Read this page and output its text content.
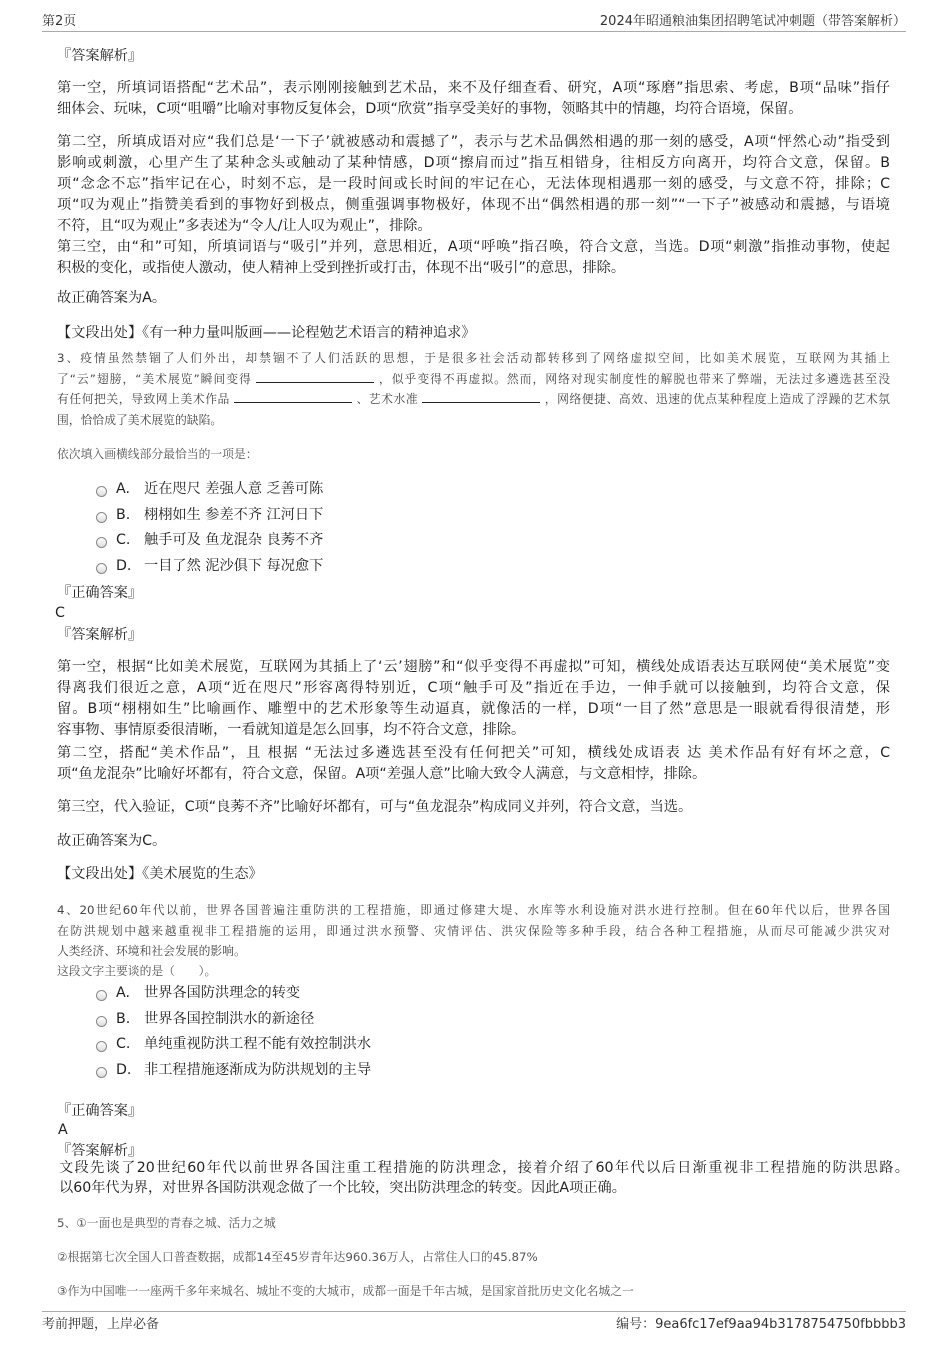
第2页	2024年昭通粮油集团招聘笔试冲刺题（带答案解析）
『答案解析』
第一空，所填词语搭配“艺术品”，表示刚刚接触到艺术品，来不及仔细查看、研究，A项“琢磨”指思索、考虑，B项“品味”指仔
细体会、玩味，C项“咀嚼”比喻对事物反复体会，D项“欣赏”指享受美好的事物，领略其中的情趣，均符合语境，保留。
第二空，所填成语对应“我们总是‘一下子’就被感动和震撼了”，表示与艺术品偶然相遇的那一刻的感受，A项“怦然心动”指受到
影响或刺激，心里产生了某种念头或触动了某种情感，D项“擦肩而过”指互相错身，往相反方向离开，均符合文意，保留。B
项“念念不忘”指牢记在心，时刻不忘，是一段时间或长时间的牢记在心，无法体现相遇那一刻的感受，与文意不符，排除；C
项“叹为观止”指赞美看到的事物好到极点，侧重强调事物极好，体现不出“偶然相遇的那一刻”“一下子”被感动和震撼，与语境
不符，且“叹为观止”多表述为“令人/让人叹为观止”，排除。
第三空，由“和”可知，所填词语与“吸引”并列，意思相近，A项“呼唤”指召唤，符合文意，当选。D项“刺激”指推动事物，使起
积极的变化，或指使人激动，使人精神上受到挫折或打击，体现不出“吸引”的意思，排除。
故正确答案为A。
【文段出处】《有一种力量叫版画——论程勉艺术语言的精神追求》
3、疫情虽然禁锢了人们外出，却禁锢不了人们活跃的思想，于是很多社会活动都转移到了网络虚拟空间，比如美术展览，互联网为其插上
了“云”翅膀，“美术展览”瞬间变得	，似乎变得不再虚拟。然而，网络对现实制度性的解脱也带来了弊端，无法过多遴选甚至没
有任何把关，导致网上美术作品	、艺术水准	，网络便捷、高效、迅速的优点某种程度上造成了浮躁的艺术氛
围，恰恰成了美术展览的缺陷。
依次填入画横线部分最恰当的一项是：
A. 近在咫尺 差强人意 乏善可陈
B. 栩栩如生 参差不齐 江河日下
C. 触手可及 鱼龙混杂 良莠不齐
D. 一目了然 泥沙俱下 每况愈下
『正确答案』
C
『答案解析』
第一空，根据“比如美术展览，互联网为其插上了‘云’翅膀”和“似乎变得不再虚拟”可知，横线处成语表达互联网使“美术展览”变
得离我们很近之意，A项“近在咫尺”形容离得特别近，C项“触手可及”指近在手边，一伸手就可以接触到，均符合文意，保
留。B项“栩栩如生”比喻画作、雕塑中的艺术形象等生动逼真，就像活的一样，D项“一目了然”意思是一眼就看得很清楚，形
容事物、事情原委很清晰，一看就知道是怎么回事，均不符合文意，排除。
第二空，搭配“美术作品”，且 根据 “无法过多遴选甚至没有任何把关”可知，横线处成语表 达 美术作品有好有坏之意，C
项“鱼龙混杂”比喻好坏都有，符合文意，保留。A项“差强人意”比喻大致令人满意，与文意相悖，排除。
第三空，代入验证，C项“良莠不齐”比喻好坏都有，可与“鱼龙混杂”构成同义并列，符合文意，当选。
故正确答案为C。
【文段出处】《美术展览的生态》
4、20世纪60年代以前，世界各国普遍注重防洪的工程措施，即通过修建大堤、水库等水利设施对洪水进行控制。但在60年代以后，世界各国
在防洪规划中越来越重视非工程措施的运用，即通过洪水预警、灾情评估、洪灾保险等多种手段，结合各种工程措施，从而尽可能减少洪灾对
人类经济、环境和社会发展的影响。
这段文字主要谈的是（　　）。
A. 世界各国防洪理念的转变
B. 世界各国控制洪水的新途径
C. 单纯重视防洪工程不能有效控制洪水
D. 非工程措施逐渐成为防洪规划的主导
『正确答案』
A
『答案解析』
文段先谈了20世纪60年代以前世界各国注重工程措施的防洪理念，接着介绍了60年代以后日渐重视非工程措施的防洪思路。
以60年代为界，对世界各国防洪观念做了一个比较，突出防洪理念的转变。因此A项正确。
5、①一面也是典型的青春之城、活力之城
②根据第七次全国人口普查数据，成都14至45岁青年达960.36万人，占常住人口的45.87%
③作为中国唯一一座两千多年来城名、城址不变的大城市，成都一面是千年古城，是国家首批历史文化名城之一
考前押题，上岸必备	编号：9ea6fc17ef9aa94b3178754750fbbbb3
